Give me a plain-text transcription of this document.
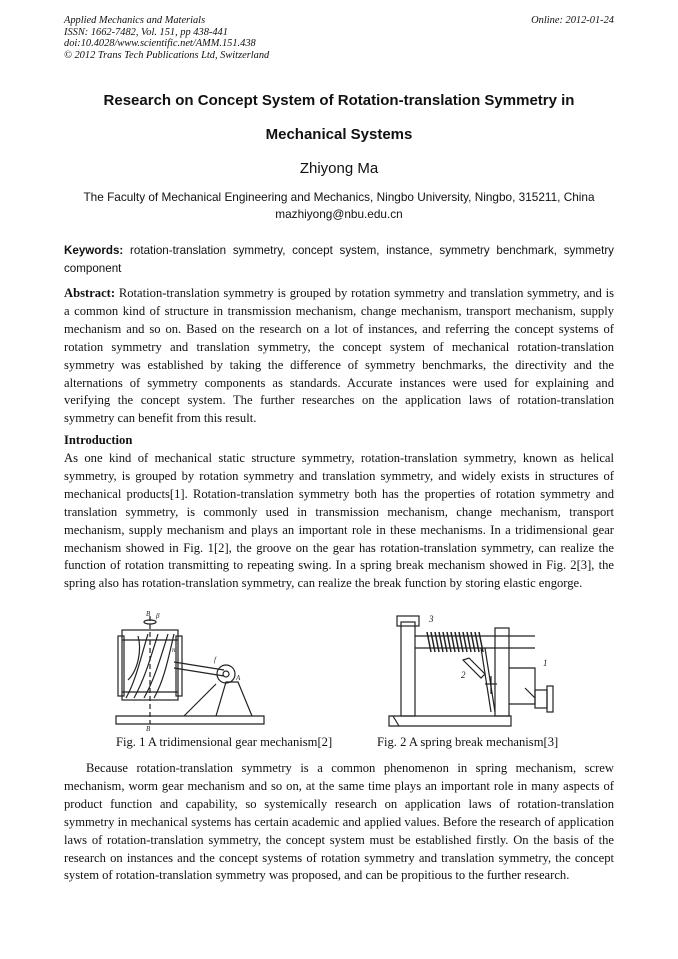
Applied Mechanics and Materials
ISSN: 1662-7482, Vol. 151, pp 438-441
doi:10.4028/www.scientific.net/AMM.151.438
© 2012 Trans Tech Publications Ltd, Switzerland
Online: 2012-01-24
Research on Concept System of Rotation-translation Symmetry in
Mechanical Systems
Zhiyong Ma
The Faculty of Mechanical Engineering and Mechanics, Ningbo University, Ningbo, 315211, China
mazhiyong@nbu.edu.cn
Keywords: rotation-translation symmetry, concept system, instance, symmetry benchmark, symmetry component
Abstract: Rotation-translation symmetry is grouped by rotation symmetry and translation symmetry, and is a common kind of structure in transmission mechanism, change mechanism, transport mechanism, supply mechanism and so on. Based on the research on a lot of instances, and referring the concept systems of rotation symmetry and translation symmetry, the concept system of mechanical rotation-translation symmetry was established by taking the difference of symmetry benchmarks, the directivity and the alternations of symmetry components as standards. Accurate instances were used for explaining and verifying the concept system. The further researches on the application laws of rotation-translation symmetry can benefit from this result.
Introduction
As one kind of mechanical static structure symmetry, rotation-translation symmetry, known as helical symmetry, is grouped by rotation symmetry and translation symmetry, and widely exists in structures of mechanical products[1]. Rotation-translation symmetry both has the properties of rotation symmetry and translation symmetry, is commonly used in transmission mechanism, change mechanism, transport mechanism, supply mechanism and plays an important role in these mechanisms. In a tridimensional gear mechanism showed in Fig. 1[2], the groove on the gear has rotation-translation symmetry, can realize the function of rotation transmitting to repeating swing. In a spring break mechanism showed in Fig. 2[3], the spring also has rotation-translation symmetry, can realize the break function by storing elastic engorge.
B β
n
f
A
B
3
2
1
Fig. 1 A tridimensional gear mechanism[2]	Fig. 2 A spring break mechanism[3]
Because rotation-translation symmetry is a common phenomenon in spring mechanism, screw mechanism, worm gear mechanism and so on, at the same time plays an important role in many aspects of product function and capability, so systemically research on application laws of rotation-translation symmetry in mechanical systems has certain academic and applied values. Before the research of application laws of rotation-translation symmetry, the concept system must be established firstly. On the basis of the research on instances and the concept systems of rotation symmetry and translation symmetry, the concept system of rotation-translation symmetry was proposed, and can be propitious to the further research.
